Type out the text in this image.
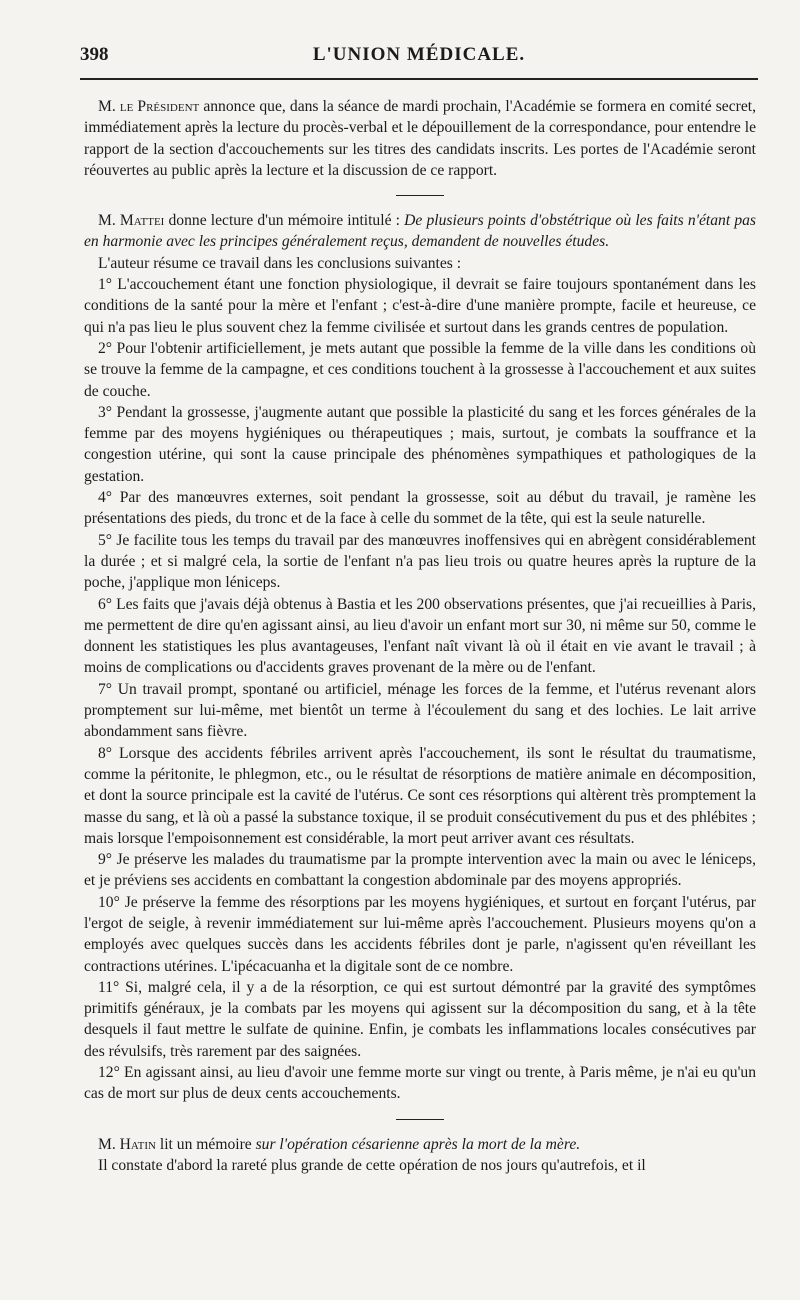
398	L'UNION MÉDICALE.

M. le Président annonce que, dans la séance de mardi prochain, l'Académie se formera en comité secret, immédiatement après la lecture du procès-verbal et le dépouillement de la correspondance, pour entendre le rapport de la section d'accouchements sur les titres des candidats inscrits. Les portes de l'Académie seront réouvertes au public après la lecture et la discussion de ce rapport.

M. Mattei donne lecture d'un mémoire intitulé : De plusieurs points d'obstétrique où les faits n'étant pas en harmonie avec les principes généralement reçus, demandent de nouvelles études.

L'auteur résume ce travail dans les conclusions suivantes :

1° L'accouchement étant une fonction physiologique, il devrait se faire toujours spontanément dans les conditions de la santé pour la mère et l'enfant ; c'est-à-dire d'une manière prompte, facile et heureuse, ce qui n'a pas lieu le plus souvent chez la femme civilisée et surtout dans les grands centres de population.

2° Pour l'obtenir artificiellement, je mets autant que possible la femme de la ville dans les conditions où se trouve la femme de la campagne, et ces conditions touchent à la grossesse à l'accouchement et aux suites de couche.

3° Pendant la grossesse, j'augmente autant que possible la plasticité du sang et les forces générales de la femme par des moyens hygiéniques ou thérapeutiques ; mais, surtout, je combats la souffrance et la congestion utérine, qui sont la cause principale des phénomènes sympathiques et pathologiques de la gestation.

4° Par des manœuvres externes, soit pendant la grossesse, soit au début du travail, je ramène les présentations des pieds, du tronc et de la face à celle du sommet de la tête, qui est la seule naturelle.

5° Je facilite tous les temps du travail par des manœuvres inoffensives qui en abrègent considérablement la durée ; et si malgré cela, la sortie de l'enfant n'a pas lieu trois ou quatre heures après la rupture de la poche, j'applique mon léniceps.

6° Les faits que j'avais déjà obtenus à Bastia et les 200 observations présentes, que j'ai recueillies à Paris, me permettent de dire qu'en agissant ainsi, au lieu d'avoir un enfant mort sur 30, ni même sur 50, comme le donnent les statistiques les plus avantageuses, l'enfant naît vivant là où il était en vie avant le travail ; à moins de complications ou d'accidents graves provenant de la mère ou de l'enfant.

7° Un travail prompt, spontané ou artificiel, ménage les forces de la femme, et l'utérus revenant alors promptement sur lui-même, met bientôt un terme à l'écoulement du sang et des lochies. Le lait arrive abondamment sans fièvre.

8° Lorsque des accidents fébriles arrivent après l'accouchement, ils sont le résultat du traumatisme, comme la péritonite, le phlegmon, etc., ou le résultat de résorptions de matière animale en décomposition, et dont la source principale est la cavité de l'utérus. Ce sont ces résorptions qui altèrent très promptement la masse du sang, et là où a passé la substance toxique, il se produit consécutivement du pus et des phlébites ; mais lorsque l'empoisonnement est considérable, la mort peut arriver avant ces résultats.

9° Je préserve les malades du traumatisme par la prompte intervention avec la main ou avec le léniceps, et je préviens ses accidents en combattant la congestion abdominale par des moyens appropriés.

10° Je préserve la femme des résorptions par les moyens hygiéniques, et surtout en forçant l'utérus, par l'ergot de seigle, à revenir immédiatement sur lui-même après l'accouchement. Plusieurs moyens qu'on a employés avec quelques succès dans les accidents fébriles dont je parle, n'agissent qu'en réveillant les contractions utérines. L'ipécacuanha et la digitale sont de ce nombre.

11° Si, malgré cela, il y a de la résorption, ce qui est surtout démontré par la gravité des symptômes primitifs généraux, je la combats par les moyens qui agissent sur la décomposition du sang, et à la tête desquels il faut mettre le sulfate de quinine. Enfin, je combats les inflammations locales consécutives par des révulsifs, très rarement par des saignées.

12° En agissant ainsi, au lieu d'avoir une femme morte sur vingt ou trente, à Paris même, je n'ai eu qu'un cas de mort sur plus de deux cents accouchements.

M. Hatin lit un mémoire sur l'opération césarienne après la mort de la mère.

Il constate d'abord la rareté plus grande de cette opération de nos jours qu'autrefois, et il
